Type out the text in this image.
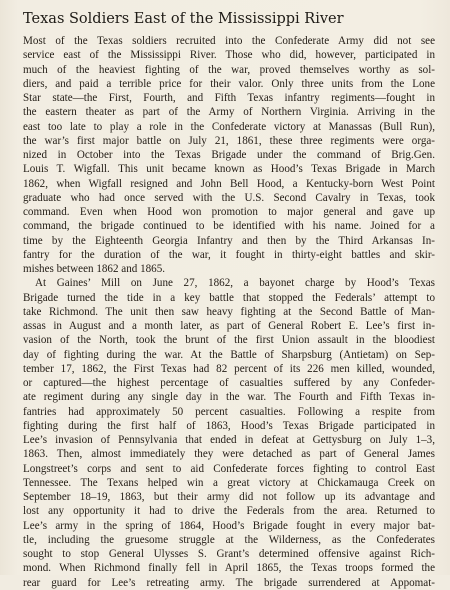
Texas Soldiers East of the Mississippi River

Most of the Texas soldiers recruited into the Confederate Army did not see
service east of the Mississippi River. Those who did, however, participated in
much of the heaviest fighting of the war, proved themselves worthy as sol-
diers, and paid a terrible price for their valor. Only three units from the Lone
Star state—the First, Fourth, and Fifth Texas infantry regiments—fought in
the eastern theater as part of the Army of Northern Virginia. Arriving in the
east too late to play a role in the Confederate victory at Manassas (Bull Run),
the war’s first major battle on July 21, 1861, these three regiments were orga-
nized in October into the Texas Brigade under the command of Brig.Gen.
Louis T. Wigfall. This unit became known as Hood’s Texas Brigade in March
1862, when Wigfall resigned and John Bell Hood, a Kentucky-born West Point
graduate who had once served with the U.S. Second Cavalry in Texas, took
command. Even when Hood won promotion to major general and gave up
command, the brigade continued to be identified with his name. Joined for a
time by the Eighteenth Georgia Infantry and then by the Third Arkansas In-
fantry for the duration of the war, it fought in thirty-eight battles and skir-
mishes between 1862 and 1865.

At Gaines’ Mill on June 27, 1862, a bayonet charge by Hood’s Texas
Brigade turned the tide in a key battle that stopped the Federals’ attempt to
take Richmond. The unit then saw heavy fighting at the Second Battle of Man-
assas in August and a month later, as part of General Robert E. Lee’s first in-
vasion of the North, took the brunt of the first Union assault in the bloodiest
day of fighting during the war. At the Battle of Sharpsburg (Antietam) on Sep-
tember 17, 1862, the First Texas had 82 percent of its 226 men killed, wounded,
or captured—the highest percentage of casualties suffered by any Confeder-
ate regiment during any single day in the war. The Fourth and Fifth Texas in-
fantries had approximately 50 percent casualties. Following a respite from
fighting during the first half of 1863, Hood’s Texas Brigade participated in
Lee’s invasion of Pennsylvania that ended in defeat at Gettysburg on July 1–3,
1863. Then, almost immediately they were detached as part of General James
Longstreet’s corps and sent to aid Confederate forces fighting to control East
Tennessee. The Texans helped win a great victory at Chickamauga Creek on
September 18–19, 1863, but their army did not follow up its advantage and
lost any opportunity it had to drive the Federals from the area. Returned to
Lee’s army in the spring of 1864, Hood’s Brigade fought in every major bat-
tle, including the gruesome struggle at the Wilderness, as the Confederates
sought to stop General Ulysses S. Grant’s determined offensive against Rich-
mond. When Richmond finally fell in April 1865, the Texas troops formed the
rear guard for Lee’s retreating army. The brigade surrendered at Appomat-
